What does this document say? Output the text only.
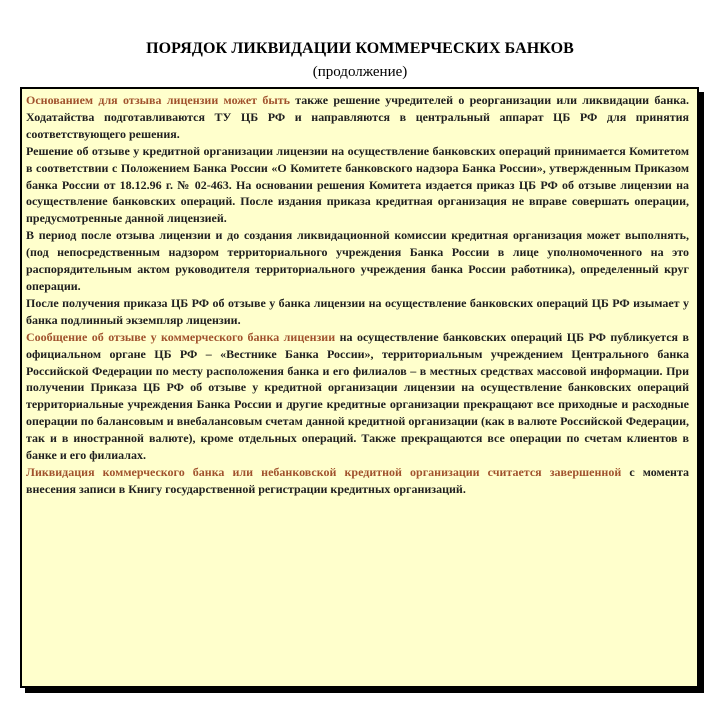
ПОРЯДОК ЛИКВИДАЦИИ КОММЕРЧЕСКИХ БАНКОВ
(продолжение)
Основанием для отзыва лицензии может быть также решение учредителей о реорганизации или ликвидации банка. Ходатайства подготавливаются ТУ ЦБ РФ и направляются в центральный аппарат ЦБ РФ для принятия соответствующего решения.
Решение об отзыве у кредитной организации лицензии на осуществление банковских операций принимается Комитетом в соответствии с Положением Банка России «О Комитете банковского надзора Банка России», утвержденным Приказом банка России от 18.12.96 г. № 02-463. На основании решения Комитета издается приказ ЦБ РФ об отзыве лицензии на осуществление банковских операций. После издания приказа кредитная организация не вправе совершать операции, предусмотренные данной лицензией.
В период после отзыва лицензии и до создания ликвидационной комиссии кредитная организация может выполнять, (под непосредственным надзором территориального учреждения Банка России в лице уполномоченного на это распорядительным актом руководителя территориального учреждения банка России работника), определенный круг операции.
После получения приказа ЦБ РФ об отзыве у банка лицензии на осуществление банковских операций ЦБ РФ изымает у банка подлинный экземпляр лицензии.
Сообщение об отзыве у коммерческого банка лицензии на осуществление банковских операций ЦБ РФ публикуется в официальном органе ЦБ РФ – «Вестнике Банка России», территориальным учреждением Центрального банка Российской Федерации по месту расположения банка и его филиалов – в местных средствах массовой информации. При получении Приказа ЦБ РФ об отзыве у кредитной организации лицензии на осуществление банковских операций территориальные учреждения Банка России и другие кредитные организации прекращают все приходные и расходные операции по балансовым и внебалансовым счетам данной кредитной организации (как в валюте Российской Федерации, так и в иностранной валюте), кроме отдельных операций. Также прекращаются все операции по счетам клиентов в банке и его филиалах.
Ликвидация коммерческого банка или небанковской кредитной организации считается завершенной с момента внесения записи в Книгу государственной регистрации кредитных организаций.
